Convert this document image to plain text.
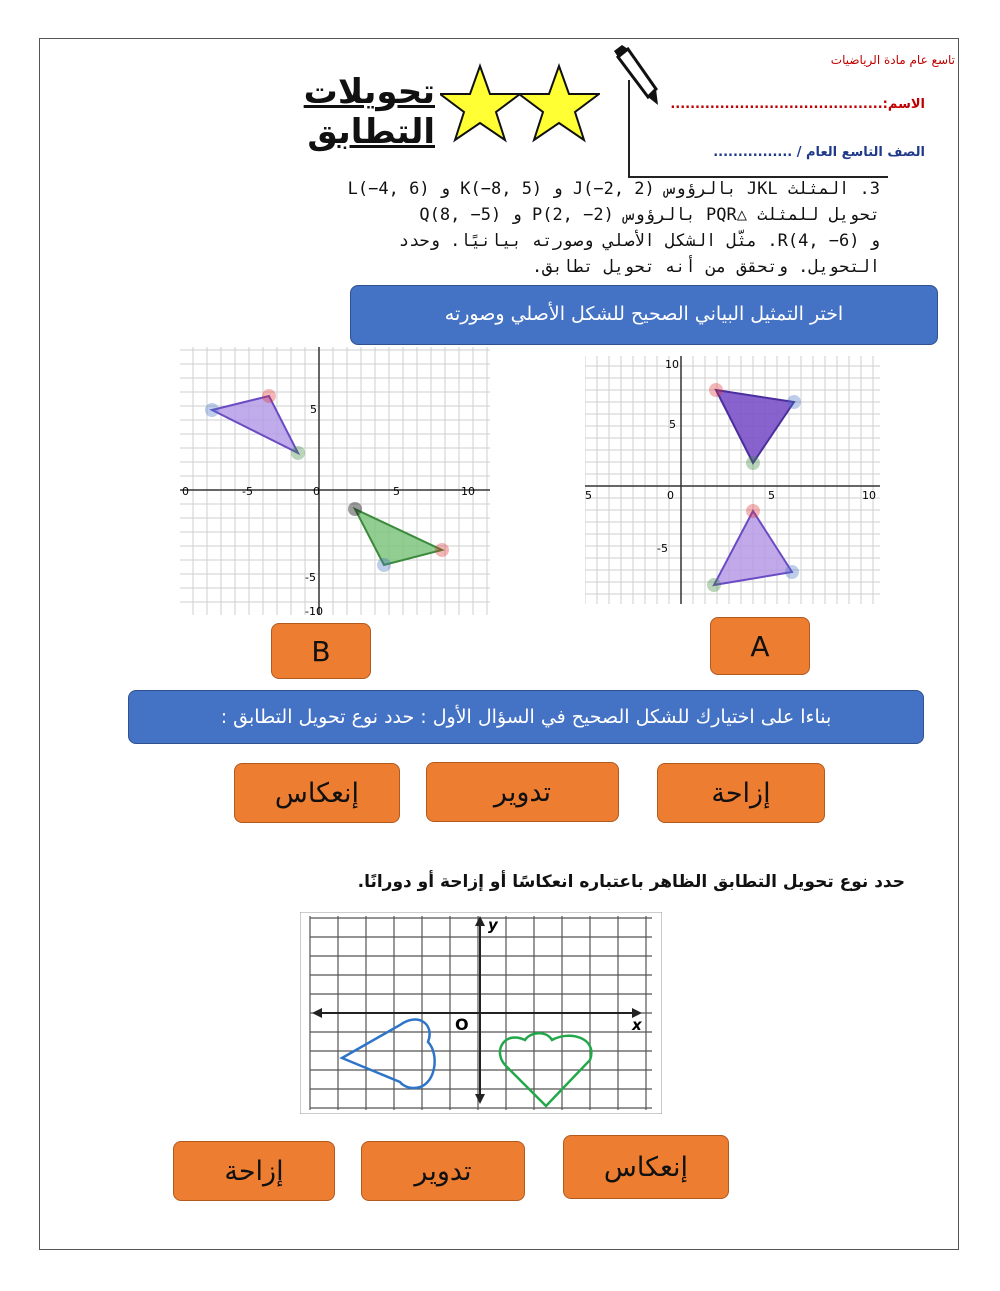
تاسع عام مادة الرياضيات
الاسم:...........................................
الصف التاسع العام / ................
تحويلات التطابق
3. المثلث JKL بالرؤوس J(−2, 2) و K(−8, 5) و L(−4, 6)
تحويل للمثلث △PQR بالرؤوس P(2, −2) و Q(8, −5)
و R(4, −6). مثّل الشكل الأصلي وصورته بيانيًا. وحدد
التحويل. وتحقق من أنه تحويل تطابق.
اختر التمثيل البياني الصحيح للشكل الأصلي وصورته
0	-5	0	5	10
5
-5
-10
10
5
0	5	10
5
-5
B	A
بناءا على اختيارك للشكل الصحيح في السؤال الأول : حدد نوع تحويل التطابق :
إزاحة
تدوير
إنعكاس
حدد نوع تحويل التطابق الظاهر باعتباره انعكاسًا أو إزاحة أو دورانًا.
y
x
O
إنعكاس
تدوير
إزاحة
